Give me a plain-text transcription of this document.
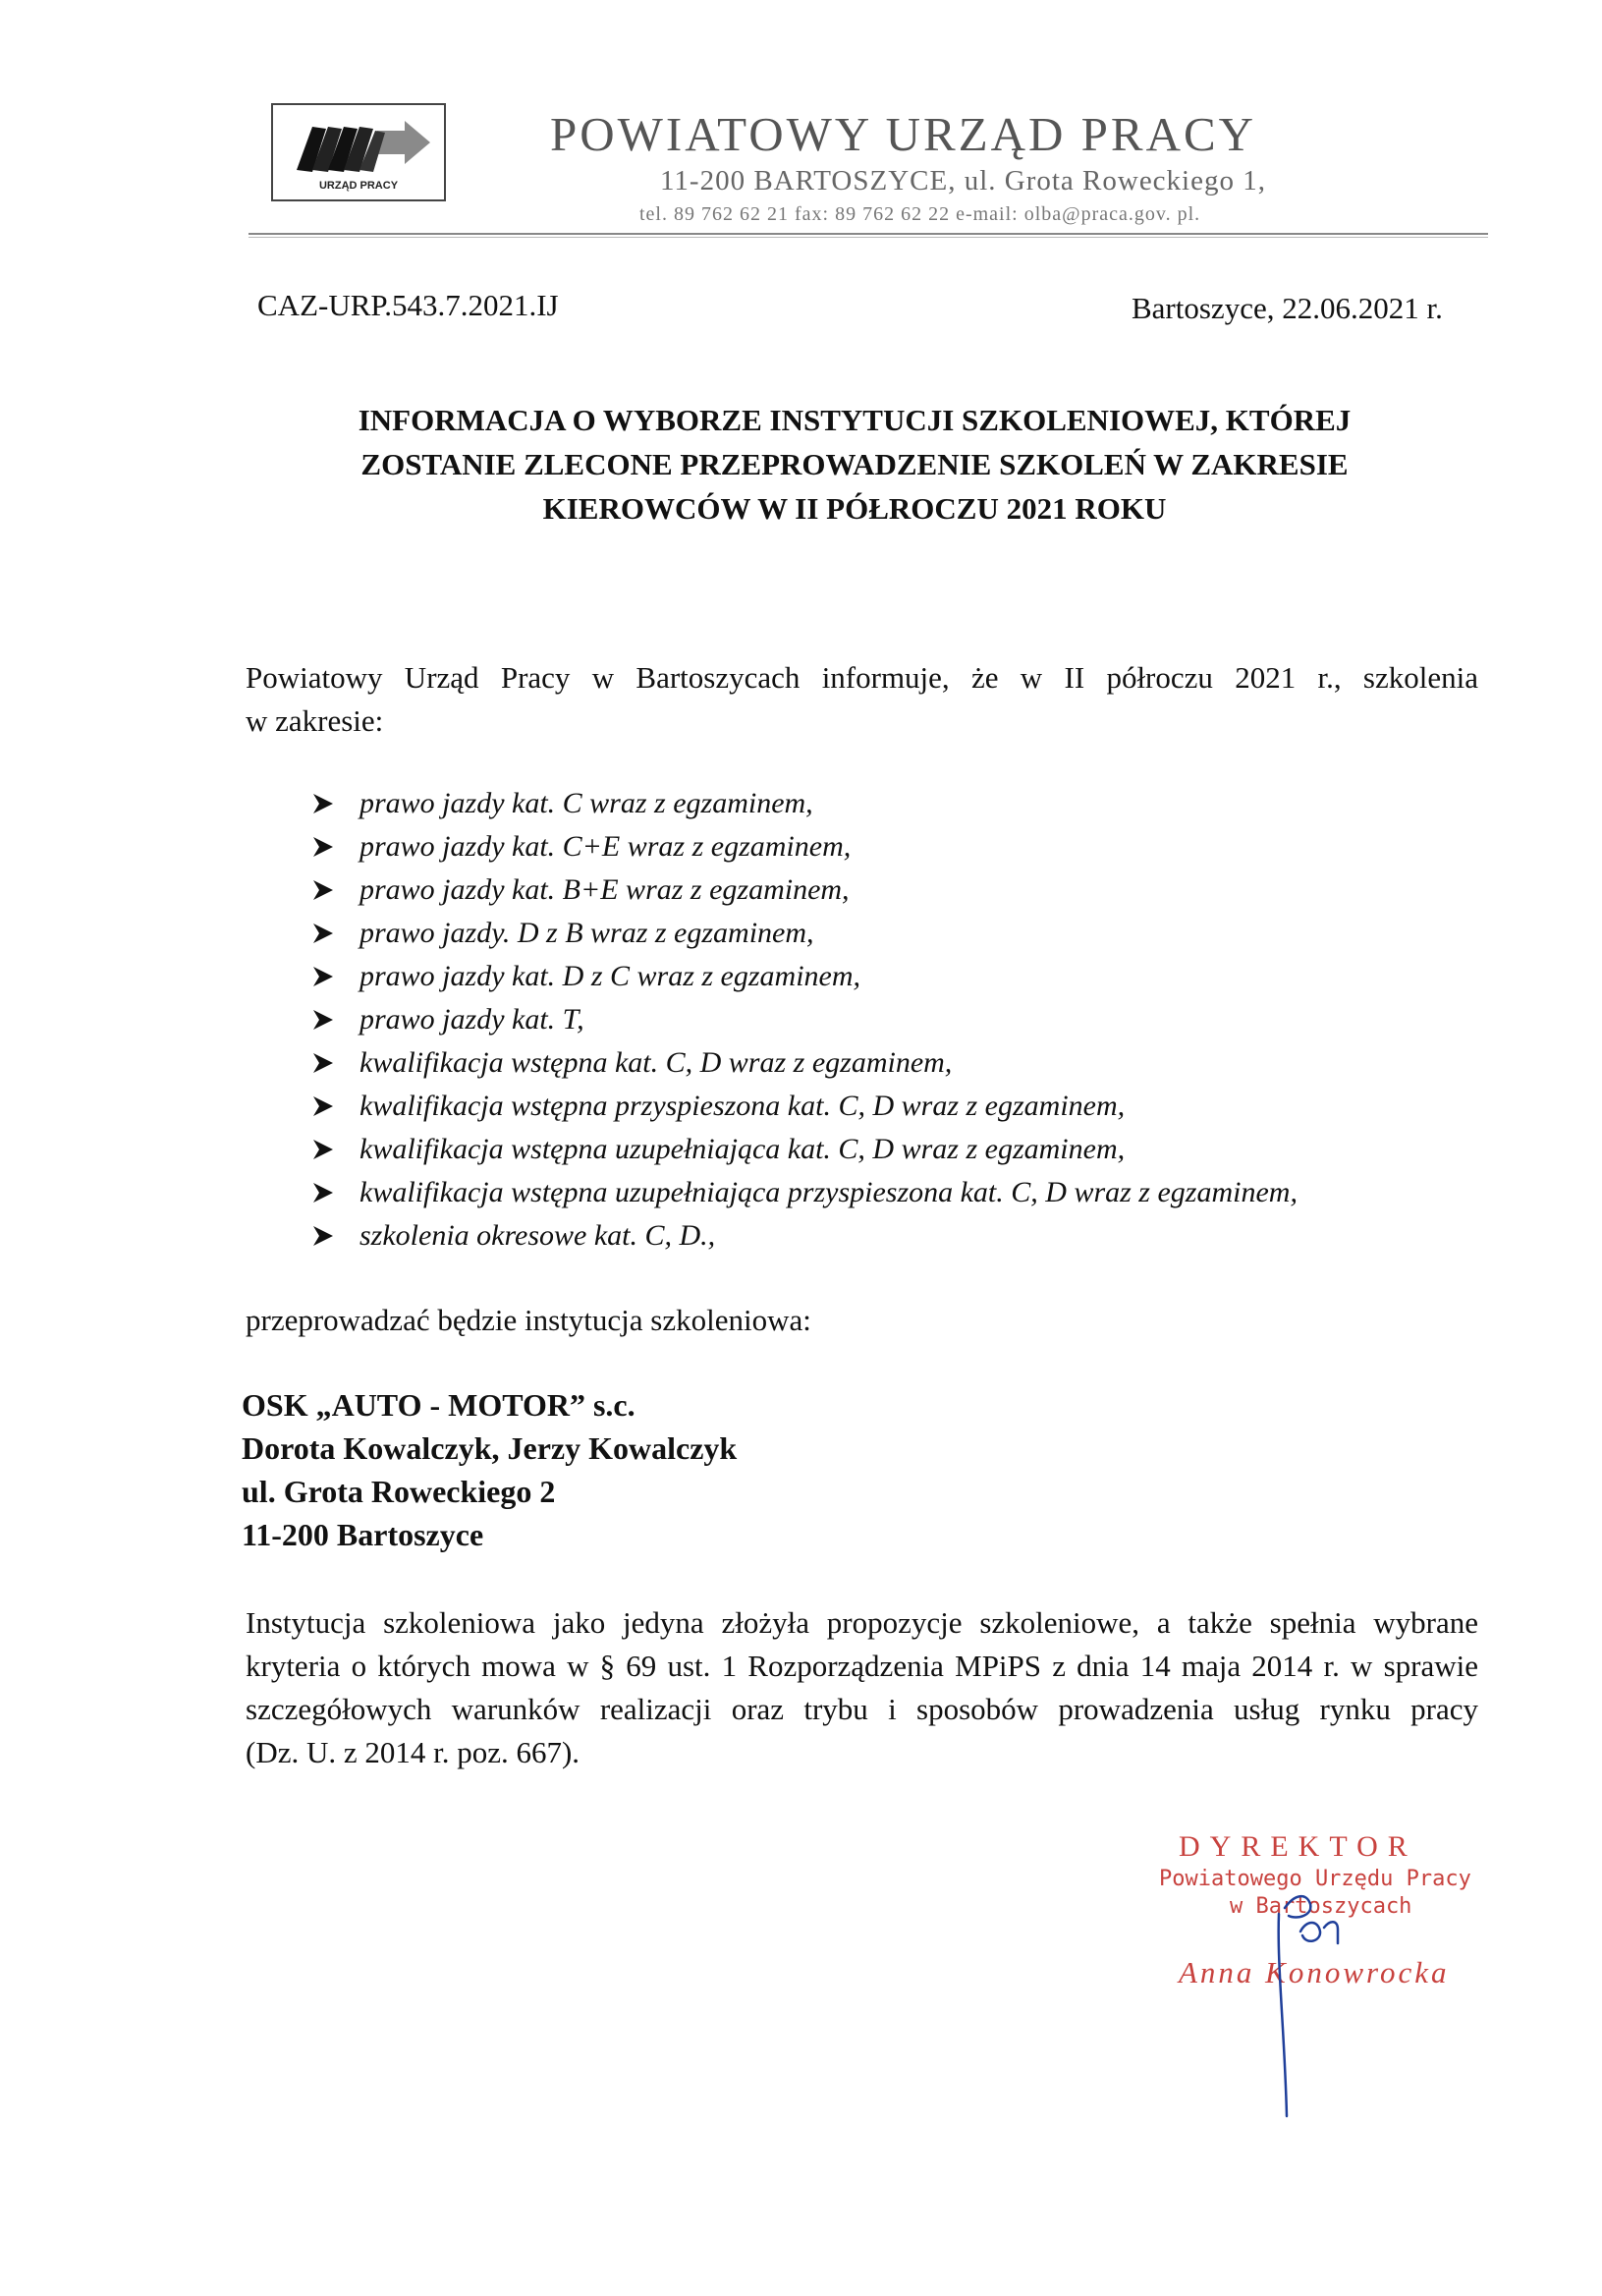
URZĄD PRACY
POWIATOWY URZĄD PRACY
11-200 BARTOSZYCE, ul. Grota Roweckiego 1,
tel. 89 762 62 21 fax: 89 762 62 22 e-mail: olba@praca.gov. pl.
CAZ-URP.543.7.2021.IJ	Bartoszyce, 22.06.2021 r.
INFORMACJA O WYBORZE INSTYTUCJI SZKOLENIOWEJ, KTÓREJ
ZOSTANIE ZLECONE PRZEPROWADZENIE SZKOLEŃ W ZAKRESIE
KIEROWCÓW W II PÓŁROCZU 2021 ROKU
Powiatowy Urząd Pracy w Bartoszycach informuje, że w II półroczu 2021 r., szkolenia
w zakresie:
prawo jazdy kat. C wraz z egzaminem,
prawo jazdy kat. C+E wraz z egzaminem,
prawo jazdy kat. B+E wraz z egzaminem,
prawo jazdy. D z B wraz z egzaminem,
prawo jazdy kat. D z C wraz z egzaminem,
prawo jazdy kat. T,
kwalifikacja wstępna kat. C, D wraz z egzaminem,
kwalifikacja wstępna przyspieszona kat. C, D wraz z egzaminem,
kwalifikacja wstępna uzupełniająca kat. C, D wraz z egzaminem,
kwalifikacja wstępna uzupełniająca przyspieszona kat. C, D wraz z egzaminem,
szkolenia okresowe kat. C, D.,
przeprowadzać będzie instytucja szkoleniowa:
OSK „AUTO - MOTOR” s.c.
Dorota Kowalczyk, Jerzy Kowalczyk
ul. Grota Roweckiego 2
11-200 Bartoszyce
Instytucja szkoleniowa jako jedyna złożyła propozycje szkoleniowe, a także spełnia wybrane
kryteria o których mowa w § 69 ust. 1 Rozporządzenia MPiPS z dnia 14 maja 2014 r. w sprawie
szczegółowych warunków realizacji oraz trybu i sposobów prowadzenia usług rynku pracy
(Dz. U. z 2014 r. poz. 667).
DYREKTOR
Powiatowego Urzędu Pracy
w Bartoszycach
Anna Konowrocka
